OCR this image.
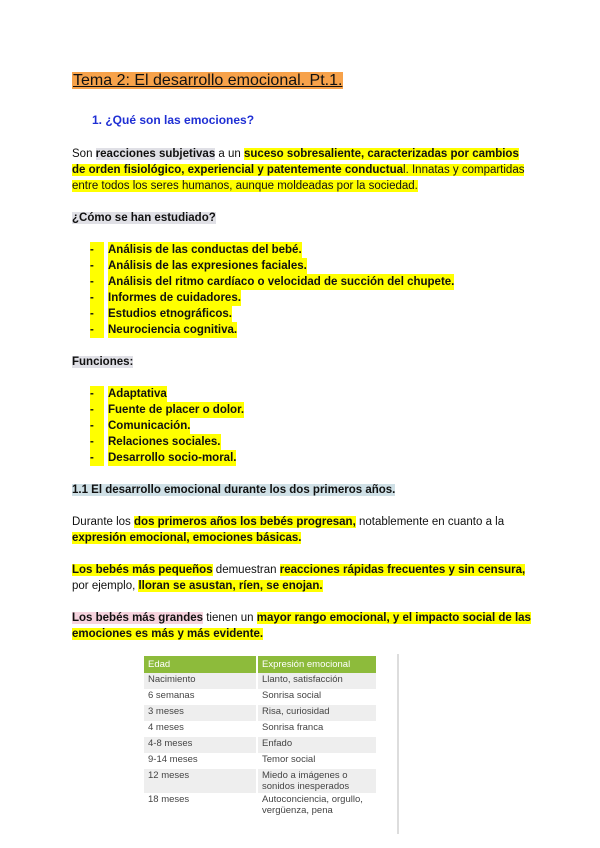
Tema 2: El desarrollo emocional. Pt.1.
1. ¿Qué son las emociones?
Son reacciones subjetivas a un suceso sobresaliente, caracterizadas por cambios de orden fisiológico, experiencial y patentemente conductual. Innatas y compartidas entre todos los seres humanos, aunque moldeadas por la sociedad.
¿Cómo se han estudiado?
-	Análisis de las conductas del bebé.
-	Análisis de las expresiones faciales.
-	Análisis del ritmo cardíaco o velocidad de succión del chupete.
-	Informes de cuidadores.
-	Estudios etnográficos.
-	Neurociencia cognitiva.
Funciones:
-	Adaptativa
-	Fuente de placer o dolor.
-	Comunicación.
-	Relaciones sociales.
-	Desarrollo socio-moral.
1.1 El desarrollo emocional durante los dos primeros años.
Durante los dos primeros años los bebés progresan, notablemente en cuanto a la expresión emocional, emociones básicas.
Los bebés más pequeños demuestran reacciones rápidas frecuentes y sin censura, por ejemplo, lloran se asustan, ríen, se enojan.
Los bebés más grandes tienen un mayor rango emocional, y el impacto social de las emociones es más y más evidente.
Edad	Expresión emocional
Nacimiento	Llanto, satisfacción
6 semanas	Sonrisa social
3 meses	Risa, curiosidad
4 meses	Sonrisa franca
4-8 meses	Enfado
9-14 meses	Temor social
12 meses	Miedo a imágenes o sonidos inesperados
18 meses	Autoconciencia, orgullo, vergüenza, pena
